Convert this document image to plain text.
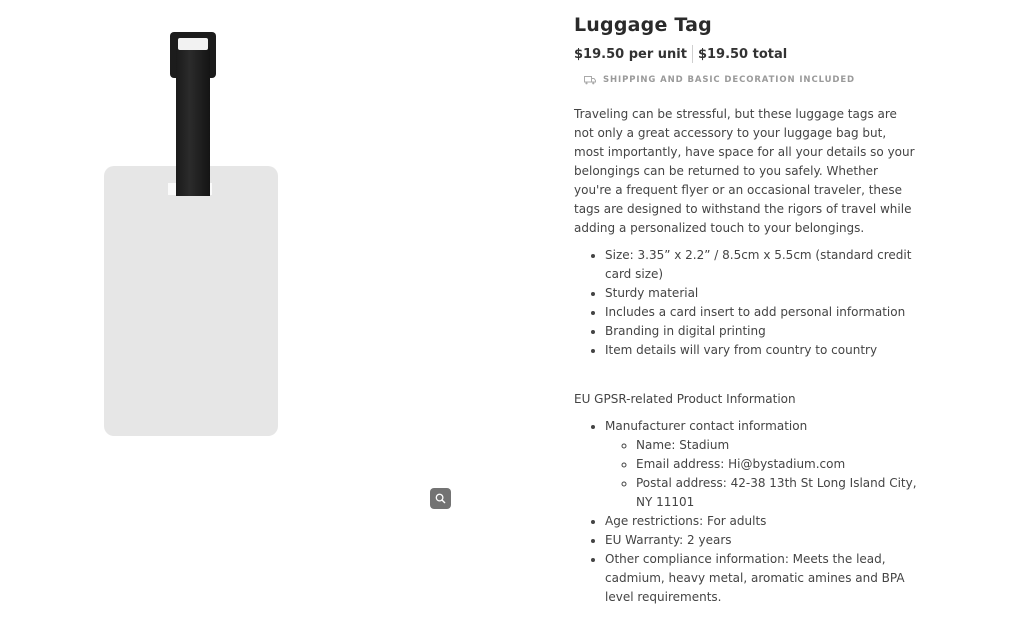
Luggage Tag
$19.50 per unit $19.50 total
SHIPPING AND BASIC DECORATION INCLUDED
Traveling can be stressful, but these luggage tags are not only a great accessory to your luggage bag but, most importantly, have space for all your details so your belongings can be returned to you safely. Whether you're a frequent flyer or an occasional traveler, these tags are designed to withstand the rigors of travel while adding a personalized touch to your belongings.
• Size: 3.35” x 2.2” / 8.5cm x 5.5cm (standard credit card size)
• Sturdy material
• Includes a card insert to add personal information
• Branding in digital printing
• Item details will vary from country to country
EU GPSR-related Product Information
• Manufacturer contact information
◦ Name: Stadium
◦ Email address: Hi@bystadium.com
◦ Postal address: 42-38 13th St Long Island City, NY 11101
• Age restrictions: For adults
• EU Warranty: 2 years
• Other compliance information: Meets the lead, cadmium, heavy metal, aromatic amines and BPA level requirements.
